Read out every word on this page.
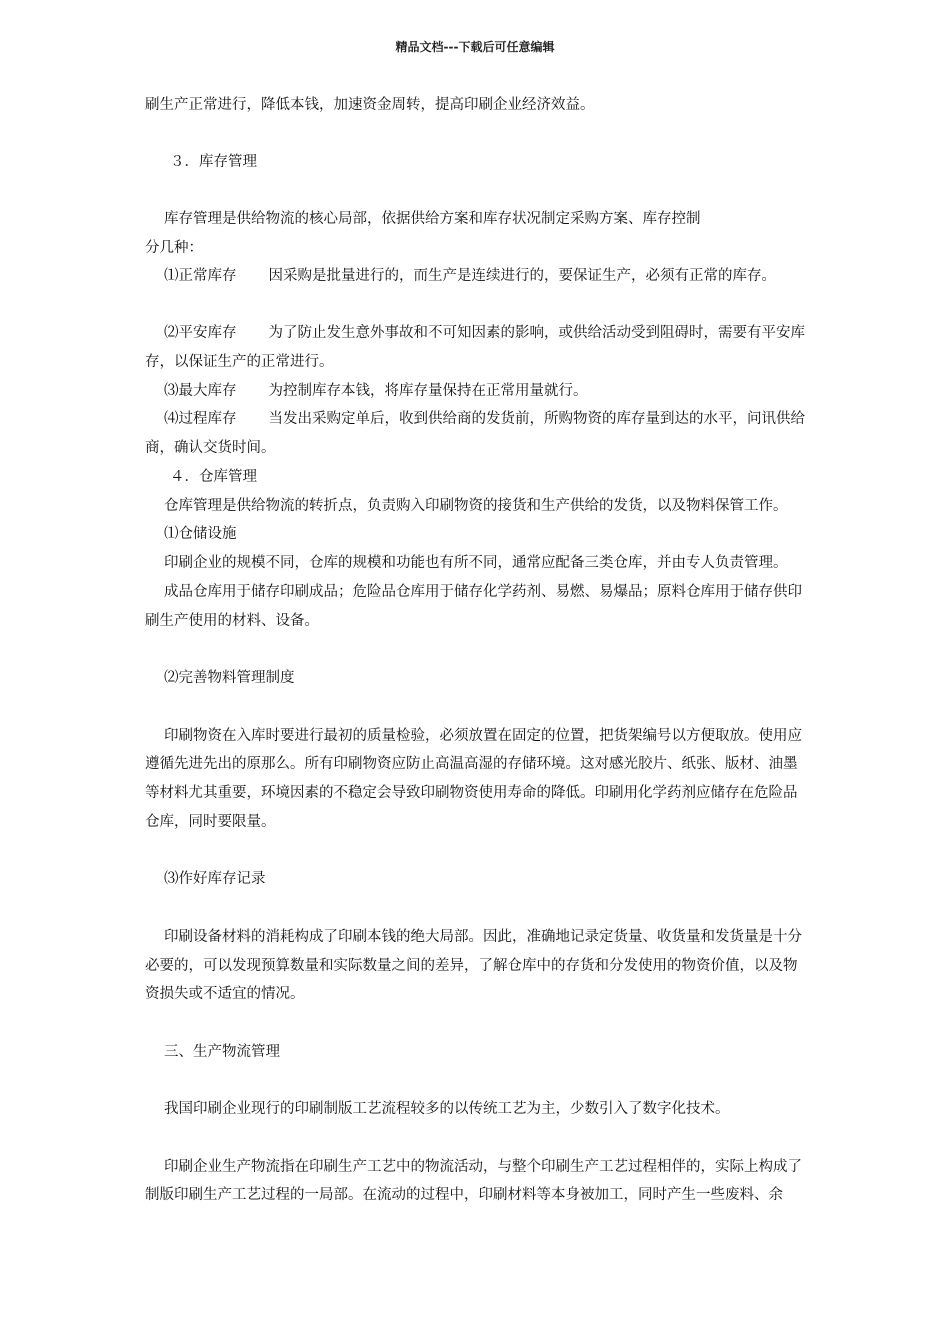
精品文档---下载后可任意编辑

刷生产正常进行，降低本钱，加速资金周转，提高印刷企业经济效益。

３．库存管理

库存管理是供给物流的核心局部，依据供给方案和库存状况制定采购方案、库存控制

分几种：

⑴正常库存 因采购是批量进行的，而生产是连续进行的，要保证生产，必须有正常的库存。

⑵平安库存 为了防止发生意外事故和不可知因素的影响，或供给活动受到阻碍时，需要有平安库

存，以保证生产的正常进行。

⑶最大库存 为控制库存本钱，将库存量保持在正常用量就行。

⑷过程库存 当发出采购定单后，收到供给商的发货前，所购物资的库存量到达的水平，问讯供给

商，确认交货时间。

４．仓库管理

仓库管理是供给物流的转折点，负责购入印刷物资的接货和生产供给的发货，以及物料保管工作。

⑴仓储设施

印刷企业的规模不同，仓库的规模和功能也有所不同，通常应配备三类仓库，并由专人负责管理。

成品仓库用于储存印刷成品；危险品仓库用于储存化学药剂、易燃、易爆品；原料仓库用于储存供印

刷生产使用的材料、设备。

⑵完善物料管理制度

印刷物资在入库时要进行最初的质量检验，必须放置在固定的位置，把货架编号以方便取放。使用应

遵循先进先出的原那么。所有印刷物资应防止高温高湿的存储环境。这对感光胶片、纸张、版材、油墨

等材料尤其重要，环境因素的不稳定会导致印刷物资使用寿命的降低。印刷用化学药剂应储存在危险品

仓库，同时要限量。

⑶作好库存记录

印刷设备材料的消耗构成了印刷本钱的绝大局部。因此，准确地记录定货量、收货量和发货量是十分

必要的，可以发现预算数量和实际数量之间的差异，了解仓库中的存货和分发使用的物资价值，以及物

资损失或不适宜的情况。

三、生产物流管理

我国印刷企业现行的印刷制版工艺流程较多的以传统工艺为主，少数引入了数字化技术。

印刷企业生产物流指在印刷生产工艺中的物流活动，与整个印刷生产工艺过程相伴的，实际上构成了

制版印刷生产工艺过程的一局部。在流动的过程中，印刷材料等本身被加工，同时产生一些废料、余
